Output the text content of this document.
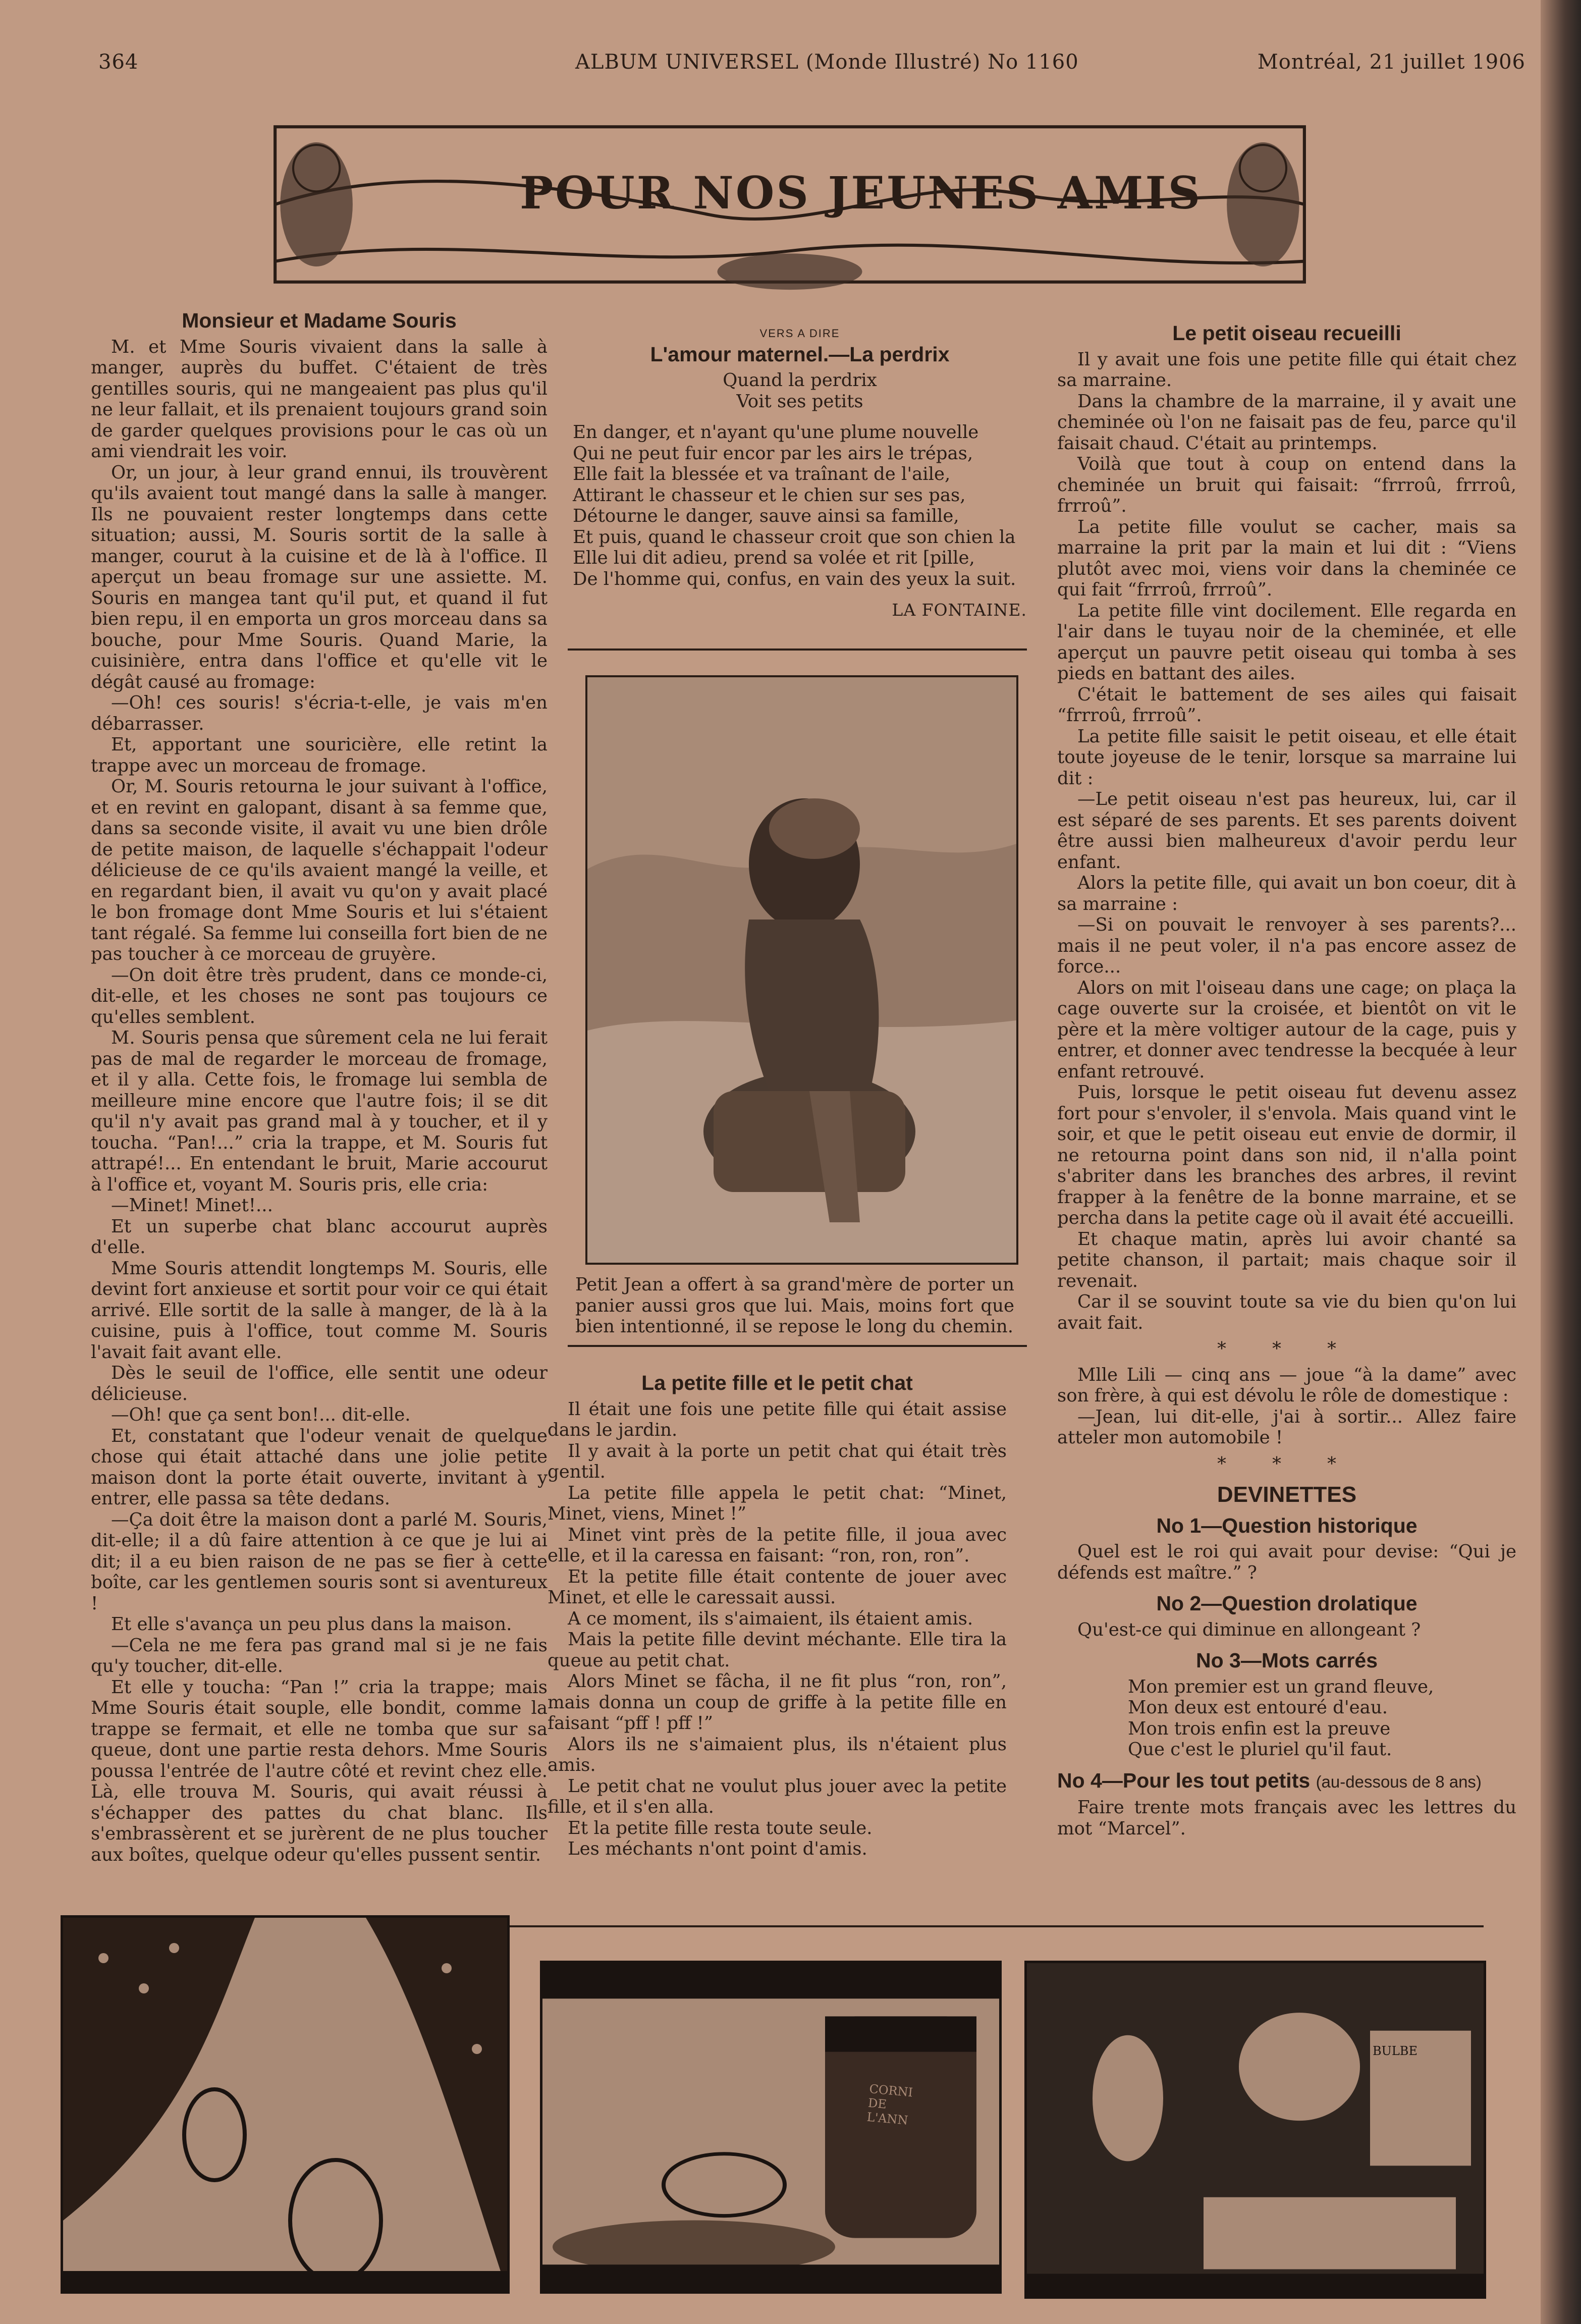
364	ALBUM UNIVERSEL (Monde Illustré) No 1160	Montréal, 21 juillet 1906
POUR NOS JEUNES AMIS
Monsieur et Madame Souris

M. et Mme Souris vivaient dans la salle à manger, auprès du buffet. C'étaient de très gentilles souris, qui ne mangeaient pas plus qu'il ne leur fallait, et ils prenaient toujours grand soin de garder quelques provisions pour le cas où un ami viendrait les voir.

Or, un jour, à leur grand ennui, ils trouvèrent qu'ils avaient tout mangé dans la salle à manger. Ils ne pouvaient rester longtemps dans cette situation; aussi, M. Souris sortit de la salle à manger, courut à la cuisine et de là à l'office. Il aperçut un beau fromage sur une assiette. M. Souris en mangea tant qu'il put, et quand il fut bien repu, il en emporta un gros morceau dans sa bouche, pour Mme Souris. Quand Marie, la cuisinière, entra dans l'office et qu'elle vit le dégât causé au fromage:

—Oh! ces souris! s'écria-t-elle, je vais m'en débarrasser.

Et, apportant une souricière, elle retint la trappe avec un morceau de fromage.

Or, M. Souris retourna le jour suivant à l'office, et en revint en galopant, disant à sa femme que, dans sa seconde visite, il avait vu une bien drôle de petite maison, de laquelle s'échappait l'odeur délicieuse de ce qu'ils avaient mangé la veille, et en regardant bien, il avait vu qu'on y avait placé le bon fromage dont Mme Souris et lui s'étaient tant régalé. Sa femme lui conseilla fort bien de ne pas toucher à ce morceau de gruyère.

—On doit être très prudent, dans ce monde-ci, dit-elle, et les choses ne sont pas toujours ce qu'elles semblent.

M. Souris pensa que sûrement cela ne lui ferait pas de mal de regarder le morceau de fromage, et il y alla. Cette fois, le fromage lui sembla de meilleure mine encore que l'autre fois; il se dit qu'il n'y avait pas grand mal à y toucher, et il y toucha. “Pan!...” cria la trappe, et M. Souris fut attrapé!... En entendant le bruit, Marie accourut à l'office et, voyant M. Souris pris, elle cria:

—Minet! Minet!...

Et un superbe chat blanc accourut auprès d'elle.

Mme Souris attendit longtemps M. Souris, elle devint fort anxieuse et sortit pour voir ce qui était arrivé. Elle sortit de la salle à manger, de là à la cuisine, puis à l'office, tout comme M. Souris l'avait fait avant elle.

Dès le seuil de l'office, elle sentit une odeur délicieuse.

—Oh! que ça sent bon!... dit-elle.

Et, constatant que l'odeur venait de quelque chose qui était attaché dans une jolie petite maison dont la porte était ouverte, invitant à y entrer, elle passa sa tête dedans.

—Ça doit être la maison dont a parlé M. Souris, dit-elle; il a dû faire attention à ce que je lui ai dit; il a eu bien raison de ne pas se fier à cette boîte, car les gentlemen souris sont si aventureux !

Et elle s'avança un peu plus dans la maison.

—Cela ne me fera pas grand mal si je ne fais qu'y toucher, dit-elle.

Et elle y toucha: “Pan !” cria la trappe; mais Mme Souris était souple, elle bondit, comme la trappe se fermait, et elle ne tomba que sur sa queue, dont une partie resta dehors. Mme Souris poussa l'entrée de l'autre côté et revint chez elle. Là, elle trouva M. Souris, qui avait réussi à s'échapper des pattes du chat blanc. Ils s'embrassèrent et se jurèrent de ne plus toucher aux boîtes, quelque odeur qu'elles pussent sentir.

VERS A DIRE
L'amour maternel.—La perdrix

Quand la perdrix

Voit ses petits

En danger, et n'ayant qu'une plume nouvelle

Qui ne peut fuir encor par les airs le trépas,

Elle fait la blessée et va traînant de l'aile,

Attirant le chasseur et le chien sur ses pas,

Détourne le danger, sauve ainsi sa famille,

Et puis, quand le chasseur croit que son chien la

Elle lui dit adieu, prend sa volée et rit [pille,

De l'homme qui, confus, en vain des yeux la suit.

LA FONTAINE.
Petit Jean a offert à sa grand'mère de porter un panier aussi gros que lui. Mais, moins fort que bien intentionné, il se repose le long du chemin.
La petite fille et le petit chat

Il était une fois une petite fille qui était assise dans le jardin.

Il y avait à la porte un petit chat qui était très gentil.

La petite fille appela le petit chat: “Minet, Minet, viens, Minet !”

Minet vint près de la petite fille, il joua avec elle, et il la caressa en faisant: “ron, ron, ron”.

Et la petite fille était contente de jouer avec Minet, et elle le caressait aussi.

A ce moment, ils s'aimaient, ils étaient amis.

Mais la petite fille devint méchante. Elle tira la queue au petit chat.

Alors Minet se fâcha, il ne fit plus “ron, ron”, mais donna un coup de griffe à la petite fille en faisant “pff ! pff !”

Alors ils ne s'aimaient plus, ils n'étaient plus amis.

Le petit chat ne voulut plus jouer avec la petite fille, et il s'en alla.

Et la petite fille resta toute seule.

Les méchants n'ont point d'amis.

Le petit oiseau recueilli

Il y avait une fois une petite fille qui était chez sa marraine.

Dans la chambre de la marraine, il y avait une cheminée où l'on ne faisait pas de feu, parce qu'il faisait chaud. C'était au printemps.

Voilà que tout à coup on entend dans la cheminée un bruit qui faisait: “frrroû, frrroû, frrroû”.

La petite fille voulut se cacher, mais sa marraine la prit par la main et lui dit : “Viens plutôt avec moi, viens voir dans la cheminée ce qui fait “frrroû, frrroû”.

La petite fille vint docilement. Elle regarda en l'air dans le tuyau noir de la cheminée, et elle aperçut un pauvre petit oiseau qui tomba à ses pieds en battant des ailes.

C'était le battement de ses ailes qui faisait “frrroû, frrroû”.

La petite fille saisit le petit oiseau, et elle était toute joyeuse de le tenir, lorsque sa marraine lui dit :

—Le petit oiseau n'est pas heureux, lui, car il est séparé de ses parents. Et ses parents doivent être aussi bien malheureux d'avoir perdu leur enfant.

Alors la petite fille, qui avait un bon coeur, dit à sa marraine :

—Si on pouvait le renvoyer à ses parents?... mais il ne peut voler, il n'a pas encore assez de force...

Alors on mit l'oiseau dans une cage; on plaça la cage ouverte sur la croisée, et bientôt on vit le père et la mère voltiger autour de la cage, puis y entrer, et donner avec tendresse la becquée à leur enfant retrouvé.

Puis, lorsque le petit oiseau fut devenu assez fort pour s'envoler, il s'envola. Mais quand vint le soir, et que le petit oiseau eut envie de dormir, il ne retourna point dans son nid, il n'alla point s'abriter dans les branches des arbres, il revint frapper à la fenêtre de la bonne marraine, et se percha dans la petite cage où il avait été accueilli.

Et chaque matin, après lui avoir chanté sa petite chanson, il partait; mais chaque soir il revenait.

Car il se souvint toute sa vie du bien qu'on lui avait fait.

* * *

Mlle Lili — cinq ans — joue “à la dame” avec son frère, à qui est dévolu le rôle de domestique :

—Jean, lui dit-elle, j'ai à sortir... Allez faire atteler mon automobile !

* * *
DEVINETTES
No 1—Question historique

Quel est le roi qui avait pour devise: “Qui je défends est maître.” ?

No 2—Question drolatique

Qu'est-ce qui diminue en allongeant ?

No 3—Mots carrés

Mon premier est un grand fleuve,

Mon deux est entouré d'eau.

Mon trois enfin est la preuve

Que c'est le pluriel qu'il faut.

No 4—Pour les tout petits (au-dessous de 8 ans)

Faire trente mots français avec les lettres du mot “Marcel”.

CORNI DE L'ANN
BULBE
